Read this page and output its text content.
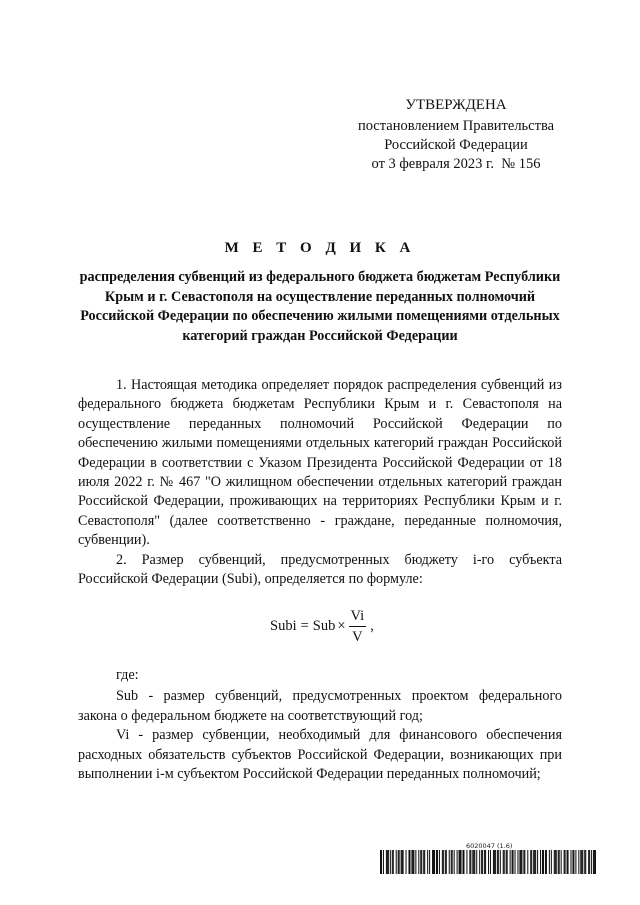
УТВЕРЖДЕНА
постановлением Правительства
Российской Федерации
от 3 февраля 2023 г.  № 156
М Е Т О Д И К А
распределения субвенций из федерального бюджета бюджетам Республики Крым и г. Севастополя на осуществление переданных полномочий Российской Федерации по обеспечению жилыми помещениями отдельных категорий граждан Российской Федерации

1. Настоящая методика определяет порядок распределения субвенций из федерального бюджета бюджетам Республики Крым и г. Севастополя на осуществление переданных полномочий Российской Федерации по обеспечению жилыми помещениями отдельных категорий граждан Российской Федерации в соответствии с Указом Президента Российской Федерации от 18 июля 2022 г. № 467 "О жилищном обеспечении отдельных категорий граждан Российской Федерации, проживающих на территориях Республики Крым и г. Севастополя" (далее соответственно - граждане, переданные полномочия, субвенции).

2. Размер субвенций, предусмотренных бюджету i-го субъекта Российской Федерации (Subi), определяется по формуле:

Subi = Sub × $\frac{Vi}{V}$ ,

где:

Sub - размер субвенций, предусмотренных проектом федерального закона о федеральном бюджете на соответствующий год;

Vi - размер субвенции, необходимый для финансового обеспечения расходных обязательств субъектов Российской Федерации, возникающих при выполнении i-м субъектом Российской Федерации переданных полномочий;

6020047 (1.6)
